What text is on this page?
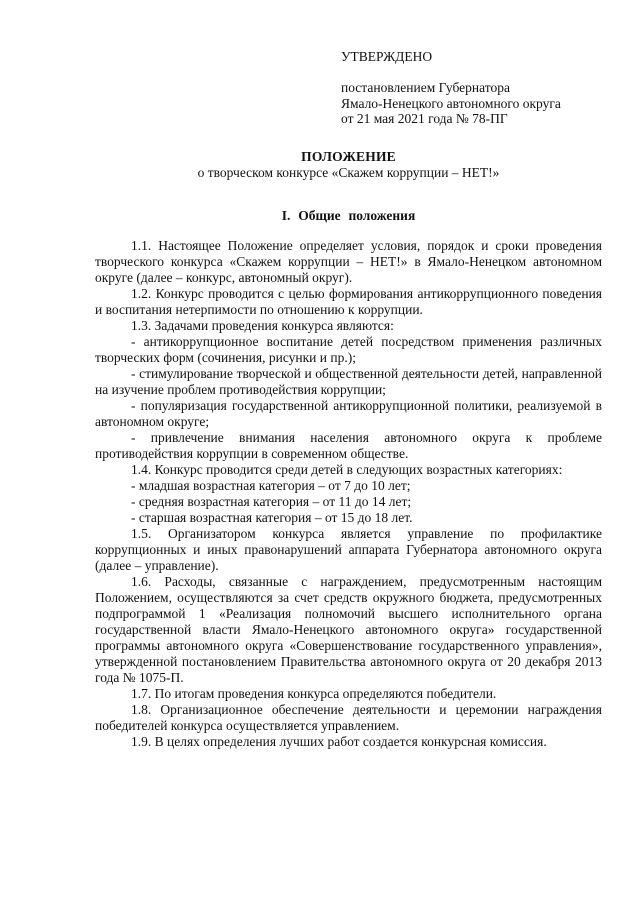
УТВЕРЖДЕНО
постановлением Губернатора
Ямало-Ненецкого автономного округа
от 21 мая 2021 года № 78-ПГ
ПОЛОЖЕНИЕ
о творческом конкурсе «Скажем коррупции – НЕТ!»
I. Общие положения

1.1. Настоящее Положение определяет условия, порядок и сроки проведения творческого конкурса «Скажем коррупции – НЕТ!» в Ямало-Ненецком автономном округе (далее – конкурс, автономный округ).

1.2. Конкурс проводится с целью формирования антикоррупционного поведения и воспитания нетерпимости по отношению к коррупции.

1.3. Задачами проведения конкурса являются:

- антикоррупционное воспитание детей посредством применения различных творческих форм (сочинения, рисунки и пр.);

- стимулирование творческой и общественной деятельности детей, направленной на изучение проблем противодействия коррупции;

- популяризация государственной антикоррупционной политики, реализуемой в автономном округе;

- привлечение внимания населения автономного округа к проблеме противодействия коррупции в современном обществе.

1.4. Конкурс проводится среди детей в следующих возрастных категориях:

- младшая возрастная категория – от 7 до 10 лет;

- средняя возрастная категория – от 11 до 14 лет;

- старшая возрастная категория – от 15 до 18 лет.

1.5. Организатором конкурса является управление по профилактике коррупционных и иных правонарушений аппарата Губернатора автономного округа (далее – управление).

1.6. Расходы, связанные с награждением, предусмотренным настоящим Положением, осуществляются за счет средств окружного бюджета, предусмотренных подпрограммой 1 «Реализация полномочий высшего исполнительного органа государственной власти Ямало-Ненецкого автономного округа» государственной программы автономного округа «Совершенствование государственного управления», утвержденной постановлением Правительства автономного округа от 20 декабря 2013 года № 1075-П.

1.7. По итогам проведения конкурса определяются победители.

1.8. Организационное обеспечение деятельности и церемонии награждения победителей конкурса осуществляется управлением.

1.9. В целях определения лучших работ создается конкурсная комиссия.
